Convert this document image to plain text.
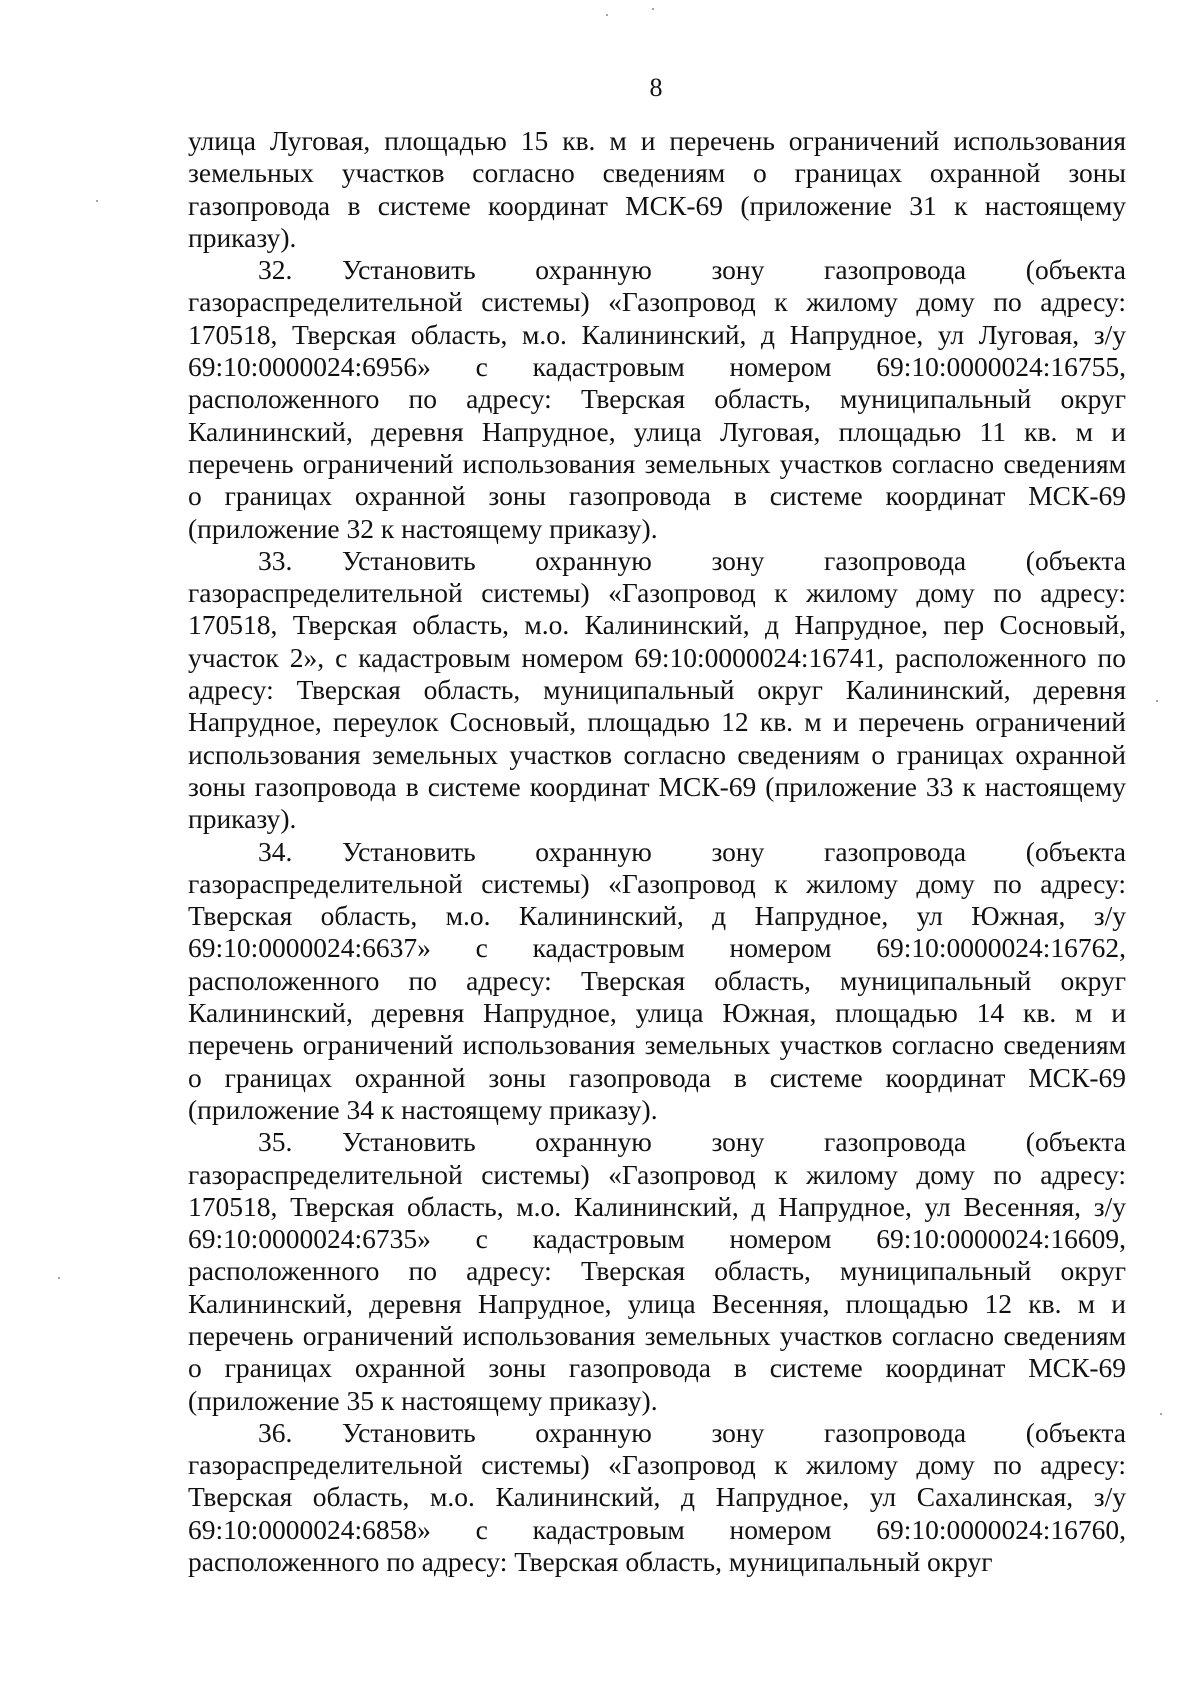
8

улица Луговая, площадью 15 кв. м и перечень ограничений использования земельных участков согласно сведениям о границах охранной зоны газопровода в системе координат МСК-69 (приложение 31 к настоящему приказу).

32. Установить охранную зону газопровода (объекта газораспределительной системы) «Газопровод к жилому дому по адресу: 170518, Тверская область, м.о. Калининский, д Напрудное, ул Луговая, з/у 69:10:0000024:6956» с кадастровым номером 69:10:0000024:16755, расположенного по адресу: Тверская область, муниципальный округ Калининский, деревня Напрудное, улица Луговая, площадью 11 кв. м и перечень ограничений использования земельных участков согласно сведениям о границах охранной зоны газопровода в системе координат МСК-69 (приложение 32 к настоящему приказу).

33. Установить охранную зону газопровода (объекта газораспределительной системы) «Газопровод к жилому дому по адресу: 170518, Тверская область, м.о. Калининский, д Напрудное, пер Сосновый, участок 2», с кадастровым номером 69:10:0000024:16741, расположенного по адресу: Тверская область, муниципальный округ Калининский, деревня Напрудное, переулок Сосновый, площадью 12 кв. м и перечень ограничений использования земельных участков согласно сведениям о границах охранной зоны газопровода в системе координат МСК-69 (приложение 33 к настоящему приказу).

34. Установить охранную зону газопровода (объекта газораспределительной системы) «Газопровод к жилому дому по адресу: Тверская область, м.о. Калининский, д Напрудное, ул Южная, з/у 69:10:0000024:6637» с кадастровым номером 69:10:0000024:16762, расположенного по адресу: Тверская область, муниципальный округ Калининский, деревня Напрудное, улица Южная, площадью 14 кв. м и перечень ограничений использования земельных участков согласно сведениям о границах охранной зоны газопровода в системе координат МСК-69 (приложение 34 к настоящему приказу).

35. Установить охранную зону газопровода (объекта газораспределительной системы) «Газопровод к жилому дому по адресу: 170518, Тверская область, м.о. Калининский, д Напрудное, ул Весенняя, з/у 69:10:0000024:6735» с кадастровым номером 69:10:0000024:16609, расположенного по адресу: Тверская область, муниципальный округ Калининский, деревня Напрудное, улица Весенняя, площадью 12 кв. м и перечень ограничений использования земельных участков согласно сведениям о границах охранной зоны газопровода в системе координат МСК-69 (приложение 35 к настоящему приказу).

36. Установить охранную зону газопровода (объекта газораспределительной системы) «Газопровод к жилому дому по адресу: Тверская область, м.о. Калининский, д Напрудное, ул Сахалинская, з/у 69:10:0000024:6858» с кадастровым номером 69:10:0000024:16760, расположенного по адресу: Тверская область, муниципальный округ
